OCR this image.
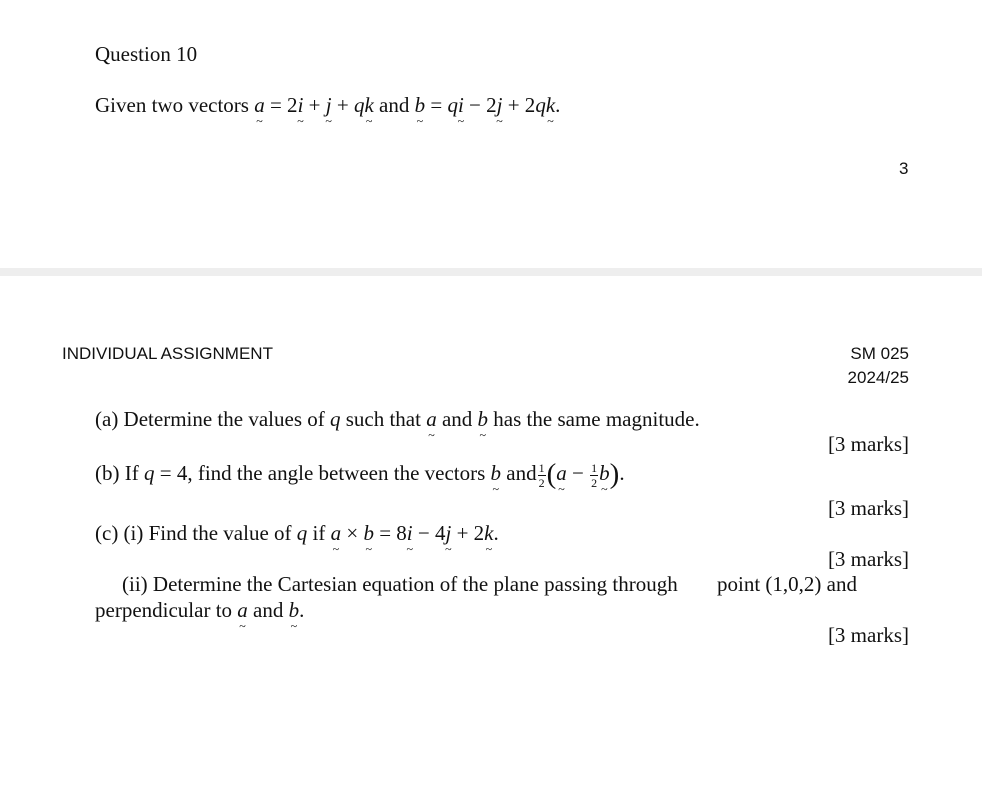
Question 10
Given two vectors a ~ = 2i ~ + j ~ + qk ~ and b ~ = qi ~ − 2j ~ + 2qk ~.
3
INDIVIDUAL ASSIGNMENT	SM 025
2024/25
(a) Determine the values of q such that a ~ and b ~ has the same magnitude.
[3 marks]
(b) If q = 4, find the angle between the vectors b ~ and $\frac{1}{2} (a$ ~ − $\frac{1}{2}$ b ~).
[3 marks]
(c) (i) Find the value of q if a ~ × b ~ = 8i ~ − 4j ~ + 2k ~.
[3 marks]
(ii) Determine the Cartesian equation of the plane passing through point (1,0,2) and
perpendicular to a ~ and b ~.
[3 marks]
